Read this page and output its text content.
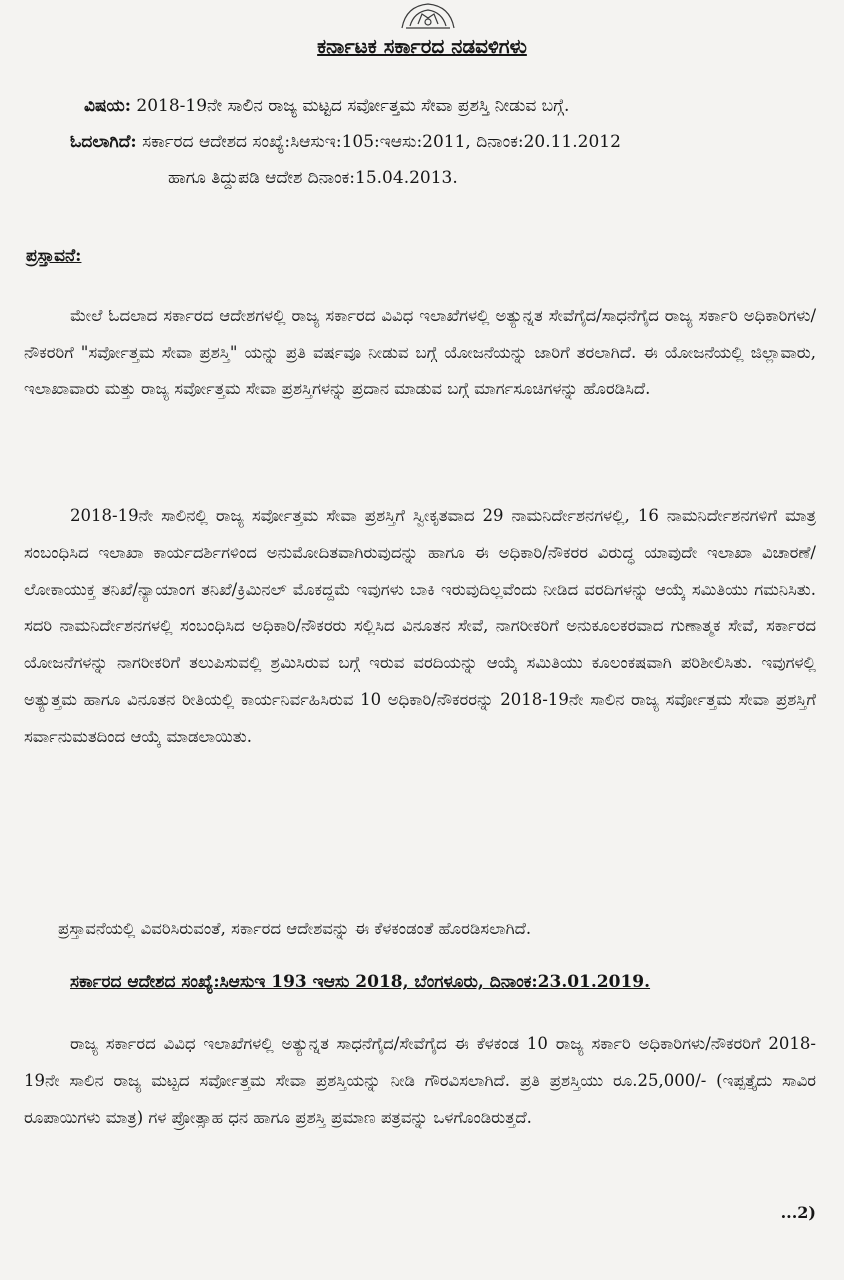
ಕರ್ನಾಟಕ ಸರ್ಕಾರದ ನಡವಳಿಗಳು
ವಿಷಯ: 2018-19ನೇ ಸಾಲಿನ ರಾಜ್ಯ ಮಟ್ಟದ ಸರ್ವೋತ್ತಮ ಸೇವಾ ಪ್ರಶಸ್ತಿ ನೀಡುವ ಬಗ್ಗೆ.
ಓದಲಾಗಿದೆ: ಸರ್ಕಾರದ ಆದೇಶದ ಸಂಖ್ಯೆ:ಸಿಆಸುಇ:105:ಇಆಸು:2011, ದಿನಾಂಕ:20.11.2012
ಹಾಗೂ ತಿದ್ದುಪಡಿ ಆದೇಶ ದಿನಾಂಕ:15.04.2013.
ಪ್ರಸ್ತಾವನೆ:
ಮೇಲೆ ಓದಲಾದ ಸರ್ಕಾರದ ಆದೇಶಗಳಲ್ಲಿ ರಾಜ್ಯ ಸರ್ಕಾರದ ವಿವಿಧ ಇಲಾಖೆಗಳಲ್ಲಿ ಅತ್ಯುನ್ನತ ಸೇವೆಗೈದ/ಸಾಧನೆಗೈದ ರಾಜ್ಯ ಸರ್ಕಾರಿ ಅಧಿಕಾರಿಗಳು/ನೌಕರರಿಗೆ "ಸರ್ವೋತ್ತಮ ಸೇವಾ ಪ್ರಶಸ್ತಿ" ಯನ್ನು ಪ್ರತಿ ವರ್ಷವೂ ನೀಡುವ ಬಗ್ಗೆ ಯೋಜನೆಯನ್ನು ಜಾರಿಗೆ ತರಲಾಗಿದೆ. ಈ ಯೋಜನೆಯಲ್ಲಿ ಜಿಲ್ಲಾವಾರು, ಇಲಾಖಾವಾರು ಮತ್ತು ರಾಜ್ಯ ಸರ್ವೋತ್ತಮ ಸೇವಾ ಪ್ರಶಸ್ತಿಗಳನ್ನು ಪ್ರದಾನ ಮಾಡುವ ಬಗ್ಗೆ ಮಾರ್ಗಸೂಚಿಗಳನ್ನು ಹೊರಡಿಸಿದೆ.
2018-19ನೇ ಸಾಲಿನಲ್ಲಿ ರಾಜ್ಯ ಸರ್ವೋತ್ತಮ ಸೇವಾ ಪ್ರಶಸ್ತಿಗೆ ಸ್ವೀಕೃತವಾದ 29 ನಾಮನಿರ್ದೇಶನಗಳಲ್ಲಿ, 16 ನಾಮನಿರ್ದೇಶನಗಳಿಗೆ ಮಾತ್ರ ಸಂಬಂಧಿಸಿದ ಇಲಾಖಾ ಕಾರ್ಯದರ್ಶಿಗಳಿಂದ ಅನುಮೋದಿತವಾಗಿರುವುದನ್ನು ಹಾಗೂ ಈ ಅಧಿಕಾರಿ/ನೌಕರರ ವಿರುದ್ಧ ಯಾವುದೇ ಇಲಾಖಾ ವಿಚಾರಣೆ/ಲೋಕಾಯುಕ್ತ ತನಿಖೆ/ನ್ಯಾಯಾಂಗ ತನಿಖೆ/ಕ್ರಿಮಿನಲ್ ಮೊಕದ್ದಮೆ ಇವುಗಳು ಬಾಕಿ ಇರುವುದಿಲ್ಲವೆಂದು ನೀಡಿದ ವರದಿಗಳನ್ನು ಆಯ್ಕೆ ಸಮಿತಿಯು ಗಮನಿಸಿತು. ಸದರಿ ನಾಮನಿರ್ದೇಶನಗಳಲ್ಲಿ ಸಂಬಂಧಿಸಿದ ಅಧಿಕಾರಿ/ನೌಕರರು ಸಲ್ಲಿಸಿದ ವಿನೂತನ ಸೇವೆ, ನಾಗರೀಕರಿಗೆ ಅನುಕೂಲಕರವಾದ ಗುಣಾತ್ಮಕ ಸೇವೆ, ಸರ್ಕಾರದ ಯೋಜನೆಗಳನ್ನು ನಾಗರೀಕರಿಗೆ ತಲುಪಿಸುವಲ್ಲಿ ಶ್ರಮಿಸಿರುವ ಬಗ್ಗೆ ಇರುವ ವರದಿಯನ್ನು ಆಯ್ಕೆ ಸಮಿತಿಯು ಕೂಲಂಕಷವಾಗಿ ಪರಿಶೀಲಿಸಿತು. ಇವುಗಳಲ್ಲಿ ಅತ್ಯುತ್ತಮ ಹಾಗೂ ವಿನೂತನ ರೀತಿಯಲ್ಲಿ ಕಾರ್ಯನಿರ್ವಹಿಸಿರುವ 10 ಅಧಿಕಾರಿ/ನೌಕರರನ್ನು 2018-19ನೇ ಸಾಲಿನ ರಾಜ್ಯ ಸರ್ವೋತ್ತಮ ಸೇವಾ ಪ್ರಶಸ್ತಿಗೆ ಸರ್ವಾನುಮತದಿಂದ ಆಯ್ಕೆ ಮಾಡಲಾಯಿತು.
ಪ್ರಸ್ತಾವನೆಯಲ್ಲಿ ವಿವರಿಸಿರುವಂತೆ, ಸರ್ಕಾರದ ಆದೇಶವನ್ನು ಈ ಕೆಳಕಂಡಂತೆ ಹೊರಡಿಸಲಾಗಿದೆ.
ಸರ್ಕಾರದ ಆದೇಶದ ಸಂಖ್ಯೆ:ಸಿಆಸುಇ 193 ಇಆಸು 2018, ಬೆಂಗಳೂರು, ದಿನಾಂಕ:23.01.2019.
ರಾಜ್ಯ ಸರ್ಕಾರದ ವಿವಿಧ ಇಲಾಖೆಗಳಲ್ಲಿ ಅತ್ಯುನ್ನತ ಸಾಧನೆಗೈದ/ಸೇವೆಗೈದ ಈ ಕೆಳಕಂಡ 10 ರಾಜ್ಯ ಸರ್ಕಾರಿ ಅಧಿಕಾರಿಗಳು/ನೌಕರರಿಗೆ 2018-19ನೇ ಸಾಲಿನ ರಾಜ್ಯ ಮಟ್ಟದ ಸರ್ವೋತ್ತಮ ಸೇವಾ ಪ್ರಶಸ್ತಿಯನ್ನು ನೀಡಿ ಗೌರವಿಸಲಾಗಿದೆ. ಪ್ರತಿ ಪ್ರಶಸ್ತಿಯು ರೂ.25,000/- (ಇಪ್ಪತ್ತೈದು ಸಾವಿರ ರೂಪಾಯಿಗಳು ಮಾತ್ರ) ಗಳ ಪ್ರೋತ್ಸಾಹ ಧನ ಹಾಗೂ ಪ್ರಶಸ್ತಿ ಪ್ರಮಾಣ ಪತ್ರವನ್ನು ಒಳಗೊಂಡಿರುತ್ತದೆ.
...2)
